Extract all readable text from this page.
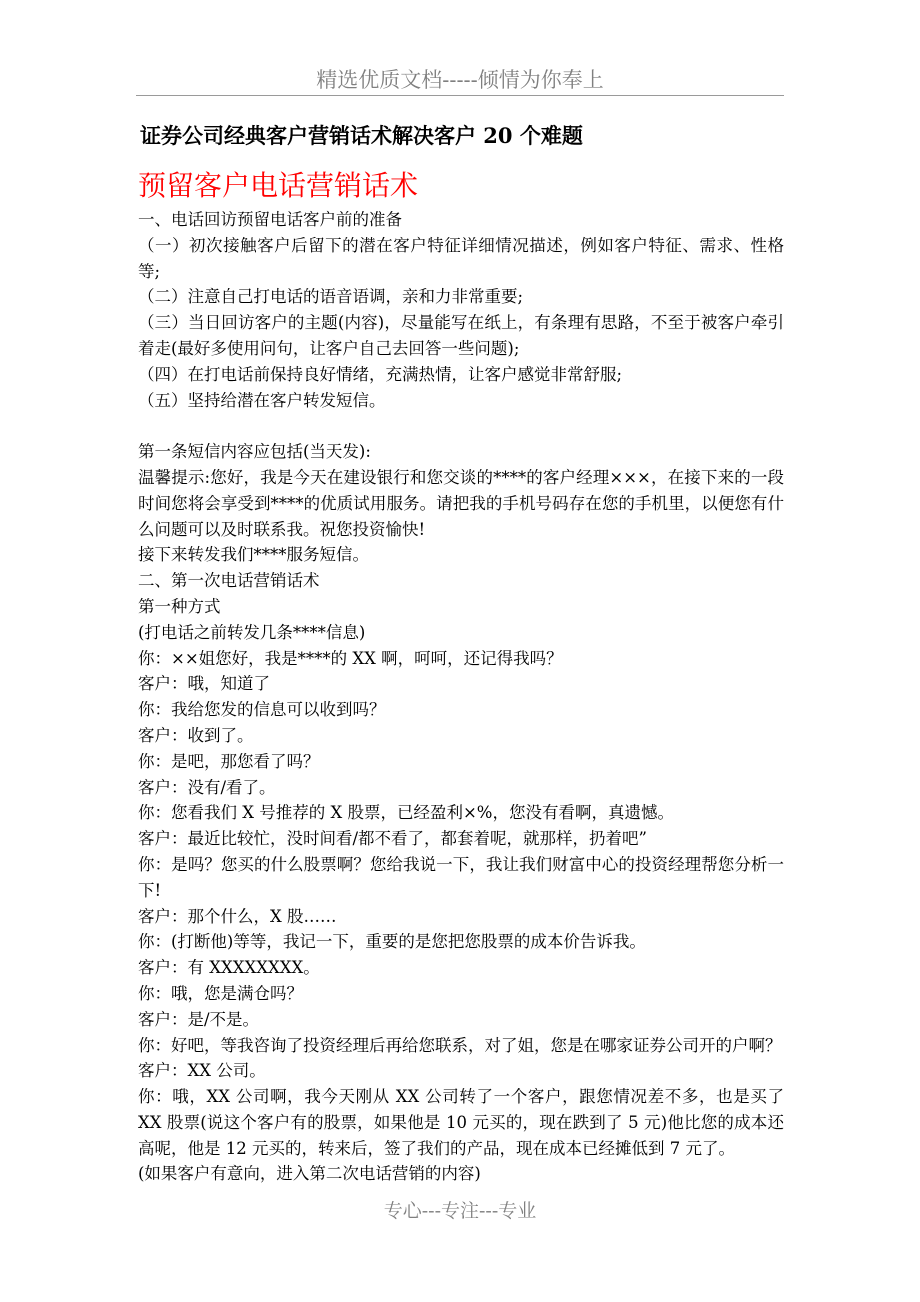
精选优质文档-----倾情为你奉上
证券公司经典客户营销话术解决客户 20 个难题
预留客户电话营销话术

一、电话回访预留电话客户前的准备

（一）初次接触客户后留下的潜在客户特征详细情况描述，例如客户特征、需求、性格等;

（二）注意自己打电话的语音语调，亲和力非常重要;

（三）当日回访客户的主题(内容)，尽量能写在纸上，有条理有思路，不至于被客户牵引着走(最好多使用问句，让客户自己去回答一些问题);

（四）在打电话前保持良好情绪，充满热情，让客户感觉非常舒服;

（五）坚持给潜在客户转发短信。

第一条短信内容应包括(当天发):

温馨提示:您好，我是今天在建设银行和您交谈的****的客户经理×××，在接下来的一段时间您将会享受到****的优质试用服务。请把我的手机号码存在您的手机里，以便您有什么问题可以及时联系我。祝您投资愉快!

接下来转发我们****服务短信。

二、第一次电话营销话术

第一种方式

(打电话之前转发几条****信息)

你：××姐您好，我是****的 XX 啊，呵呵，还记得我吗？

客户：哦，知道了

你：我给您发的信息可以收到吗？

客户：收到了。

你：是吧，那您看了吗？

客户：没有/看了。

你：您看我们 X 号推荐的 X 股票，已经盈利×%，您没有看啊，真遗憾。

客户：最近比较忙，没时间看/都不看了，都套着呢，就那样，扔着吧”

你：是吗？您买的什么股票啊？您给我说一下，我让我们财富中心的投资经理帮您分析一下!

客户：那个什么，X 股……

你：(打断他)等等，我记一下，重要的是您把您股票的成本价告诉我。

客户：有 XXXXXXXX。

你：哦，您是满仓吗？

客户：是/不是。

你：好吧，等我咨询了投资经理后再给您联系，对了姐，您是在哪家证券公司开的户啊？

客户：XX 公司。

你：哦，XX 公司啊，我今天刚从 XX 公司转了一个客户，跟您情况差不多，也是买了 XX 股票(说这个客户有的股票，如果他是 10 元买的，现在跌到了 5 元)他比您的成本还高呢，他是 12 元买的，转来后，签了我们的产品，现在成本已经摊低到 7 元了。

(如果客户有意向，进入第二次电话营销的内容)

专心---专注---专业
